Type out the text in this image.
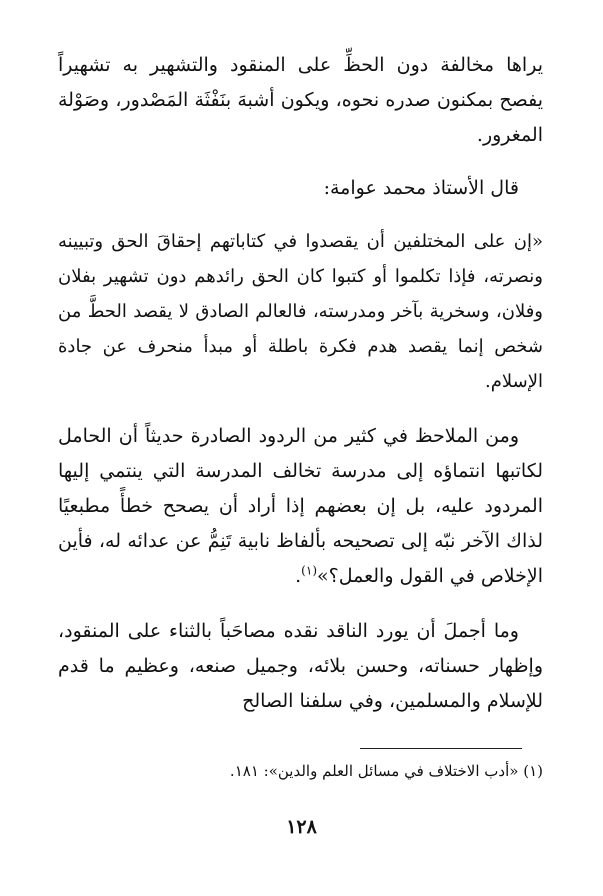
يراها مخالفة دون الحظِّ على المنقود والتشهير به تشهيراً يفصح بمكنون صدره نحوه، ويكون أشبهَ بنَفْثَة المَصْدور، وصَوْلة المغرور.

قال الأستاذ محمد عوامة:

«إن على المختلفين أن يقصدوا في كتاباتهم إحقاقَ الحق وتبيينه ونصرته، فإذا تكلموا أو كتبوا كان الحق رائدهم دون تشهير بفلان وفلان، وسخرية بآخر ومدرسته، فالعالم الصادق لا يقصد الحطَّ من شخص إنما يقصد هدم فكرة باطلة أو مبدأ منحرف عن جادة الإسلام.

ومن الملاحظ في كثير من الردود الصادرة حديثاً أن الحامل لكاتبها انتماؤه إلى مدرسة تخالف المدرسة التي ينتمي إليها المردود عليه، بل إن بعضهم إذا أراد أن يصحح خطأً مطبعيًا لذاك الآخر نبّه إلى تصحيحه بألفاظ نابية تَنِمُّ عن عدائه له، فأين الإخلاص في القول والعمل؟»$^{(١)}$.

وما أجملَ أن يورد الناقد نقده مصاحَباً بالثناء على المنقود، وإظهار حسناته، وحسن بلائه، وجميل صنعه، وعظيم ما قدم للإسلام والمسلمين، وفي سلفنا الصالح

(١) «أدب الاختلاف في مسائل العلم والدين»: ١٨١.
١٢٨
